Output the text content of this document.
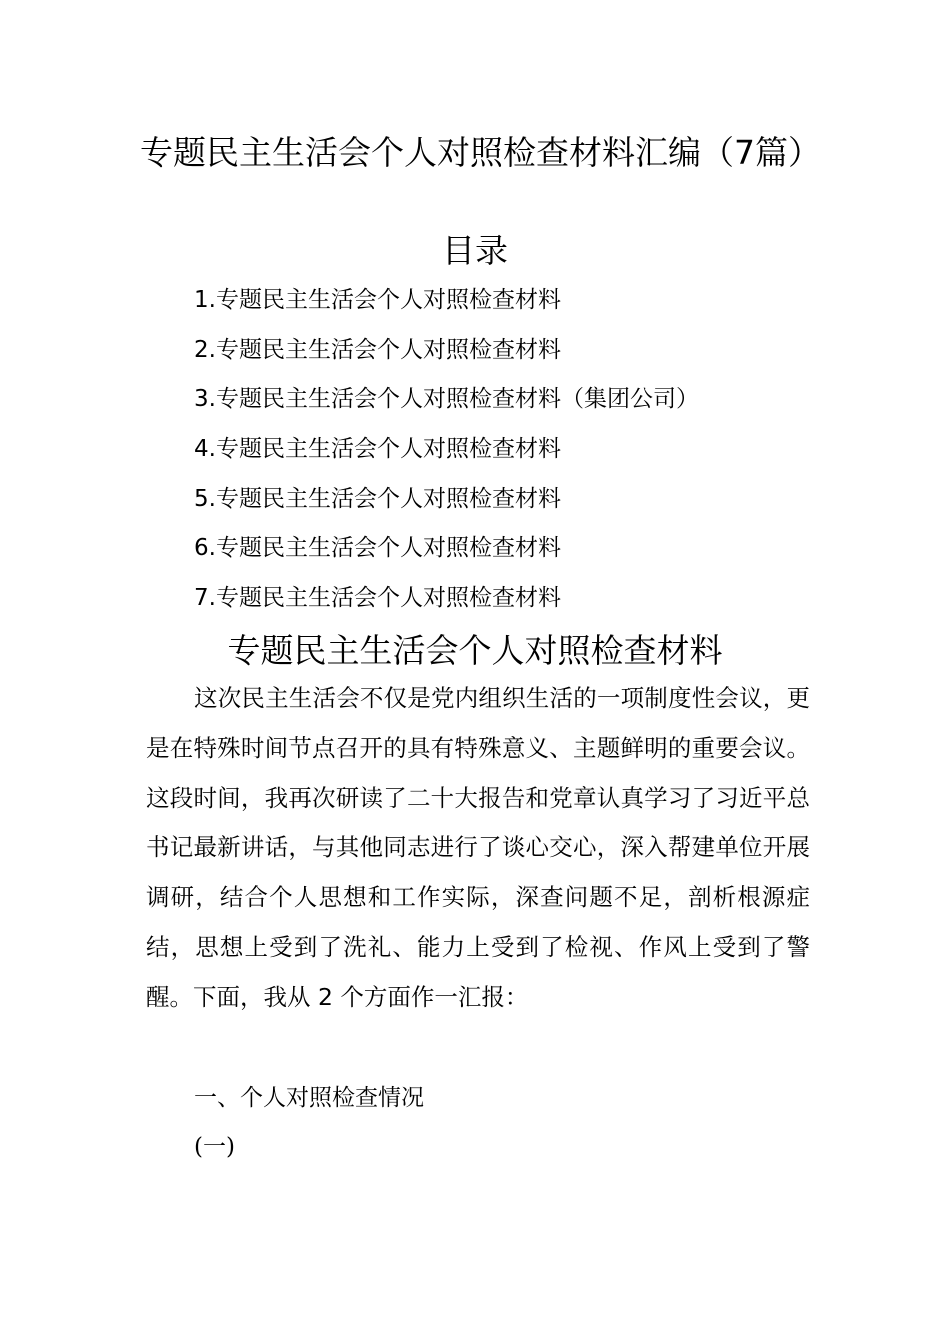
专题民主生活会个人对照检查材料汇编（7篇）
目录
1.专题民主生活会个人对照检查材料
2.专题民主生活会个人对照检查材料
3.专题民主生活会个人对照检查材料（集团公司）
4.专题民主生活会个人对照检查材料
5.专题民主生活会个人对照检查材料
6.专题民主生活会个人对照检查材料
7.专题民主生活会个人对照检查材料
专题民主生活会个人对照检查材料

这次民主生活会不仅是党内组织生活的一项制度性会议，更是在特殊时间节点召开的具有特殊意义、主题鲜明的重要会议。这段时间，我再次研读了二十大报告和党章认真学习了习近平总书记最新讲话，与其他同志进行了谈心交心，深入帮建单位开展调研，结合个人思想和工作实际，深查问题不足，剖析根源症结，思想上受到了洗礼、能力上受到了检视、作风上受到了警醒。下面，我从 2 个方面作一汇报：

一、个人对照检查情况

(一)
